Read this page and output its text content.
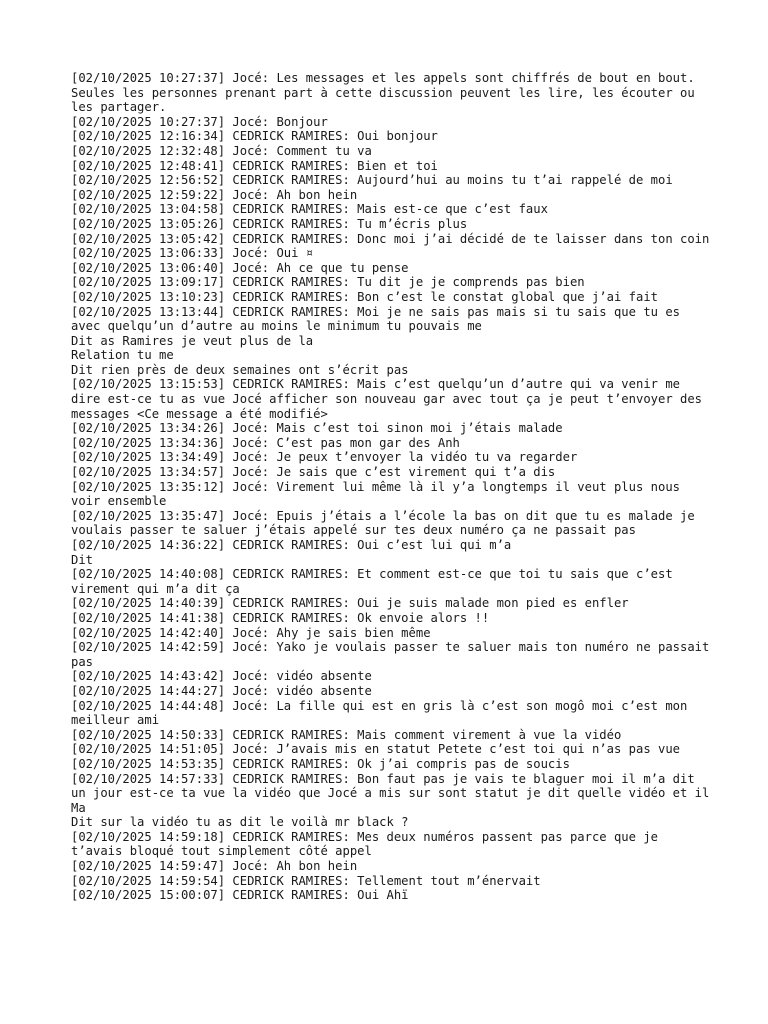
[02/10/2025 10:27:37] Jocé: Les messages et les appels sont chiffrés de bout en bout. Seules les personnes prenant part à cette discussion peuvent les lire, les écouter ou les partager.
[02/10/2025 10:27:37] Jocé: Bonjour
[02/10/2025 12:16:34] CEDRICK RAMIRES: Oui bonjour
[02/10/2025 12:32:48] Jocé: Comment tu va
[02/10/2025 12:48:41] CEDRICK RAMIRES: Bien et toi
[02/10/2025 12:56:52] CEDRICK RAMIRES: Aujourd’hui au moins tu t’ai rappelé de moi
[02/10/2025 12:59:22] Jocé: Ah bon hein
[02/10/2025 13:04:58] CEDRICK RAMIRES: Mais est-ce que c’est faux
[02/10/2025 13:05:26] CEDRICK RAMIRES: Tu m’écris plus
[02/10/2025 13:05:42] CEDRICK RAMIRES: Donc moi j’ai décidé de te laisser dans ton coin
[02/10/2025 13:06:33] Jocé: Oui ¤
[02/10/2025 13:06:40] Jocé: Ah ce que tu pense
[02/10/2025 13:09:17] CEDRICK RAMIRES: Tu dit je je comprends pas bien
[02/10/2025 13:10:23] CEDRICK RAMIRES: Bon c’est le constat global que j’ai fait
[02/10/2025 13:13:44] CEDRICK RAMIRES: Moi je ne sais pas mais si tu sais que tu es avec quelqu’un d’autre au moins le minimum tu pouvais me
Dit as Ramires je veut plus de la
Relation tu me
Dit rien près de deux semaines ont s’écrit pas
[02/10/2025 13:15:53] CEDRICK RAMIRES: Mais c’est quelqu’un d’autre qui va venir me dire est-ce tu as vue Jocé afficher son nouveau gar avec tout ça je peut t’envoyer des messages <Ce message a été modifié>
[02/10/2025 13:34:26] Jocé: Mais c’est toi sinon moi j’étais malade
[02/10/2025 13:34:36] Jocé: C’est pas mon gar des Anh
[02/10/2025 13:34:49] Jocé: Je peux t’envoyer la vidéo tu va regarder
[02/10/2025 13:34:57] Jocé: Je sais que c’est virement qui t’a dis
[02/10/2025 13:35:12] Jocé: Virement lui même là il y’a longtemps il veut plus nous voir ensemble
[02/10/2025 13:35:47] Jocé: Epuis j’étais a l’école la bas on dit que tu es malade je voulais passer te saluer j’étais appelé sur tes deux numéro ça ne passait pas
[02/10/2025 14:36:22] CEDRICK RAMIRES: Oui c’est lui qui m’a
Dit
[02/10/2025 14:40:08] CEDRICK RAMIRES: Et comment est-ce que toi tu sais que c’est virement qui m’a dit ça
[02/10/2025 14:40:39] CEDRICK RAMIRES: Oui je suis malade mon pied es enfler
[02/10/2025 14:41:38] CEDRICK RAMIRES: Ok envoie alors !!
[02/10/2025 14:42:40] Jocé: Ahy je sais bien même
[02/10/2025 14:42:59] Jocé: Yako je voulais passer te saluer mais ton numéro ne passait pas
[02/10/2025 14:43:42] Jocé: vidéo absente
[02/10/2025 14:44:27] Jocé: vidéo absente
[02/10/2025 14:44:48] Jocé: La fille qui est en gris là c’est son mogô moi c’est mon meilleur ami
[02/10/2025 14:50:33] CEDRICK RAMIRES: Mais comment virement à vue la vidéo
[02/10/2025 14:51:05] Jocé: J’avais mis en statut Petete c’est toi qui n’as pas vue
[02/10/2025 14:53:35] CEDRICK RAMIRES: Ok j’ai compris pas de soucis
[02/10/2025 14:57:33] CEDRICK RAMIRES: Bon faut pas je vais te blaguer moi il m’a dit un jour est-ce ta vue la vidéo que Jocé a mis sur sont statut je dit quelle vidéo et il
Ma
Dit sur la vidéo tu as dit le voilà mr black ?
[02/10/2025 14:59:18] CEDRICK RAMIRES: Mes deux numéros passent pas parce que je t’avais bloqué tout simplement côté appel
[02/10/2025 14:59:47] Jocé: Ah bon hein
[02/10/2025 14:59:54] CEDRICK RAMIRES: Tellement tout m’énervait
[02/10/2025 15:00:07] CEDRICK RAMIRES: Oui Ahï
